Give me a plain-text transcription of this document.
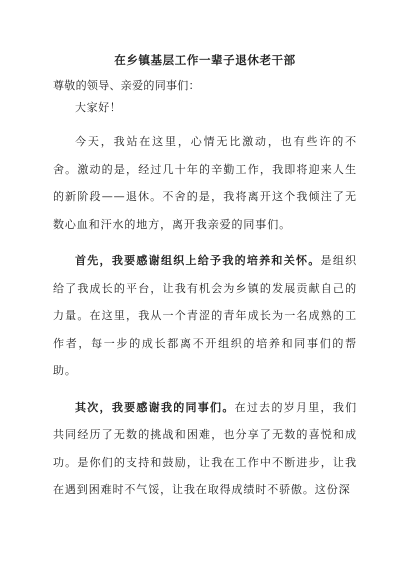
在乡镇基层工作一辈子退休老干部
尊敬的领导、亲爱的同事们：
大家好！

今天，我站在这里，心情无比激动，也有些许的不舍。激动的是，经过几十年的辛勤工作，我即将迎来人生的新阶段——退休。不舍的是，我将离开这个我倾注了无数心血和汗水的地方，离开我亲爱的同事们。

首先，我要感谢组织上给予我的培养和关怀。是组织给了我成长的平台，让我有机会为乡镇的发展贡献自己的力量。在这里，我从一个青涩的青年成长为一名成熟的工作者，每一步的成长都离不开组织的培养和同事们的帮助。

其次，我要感谢我的同事们。在过去的岁月里，我们共同经历了无数的挑战和困难，也分享了无数的喜悦和成功。是你们的支持和鼓励，让我在工作中不断进步，让我在遇到困难时不气馁，让我在取得成绩时不骄傲。这份深
